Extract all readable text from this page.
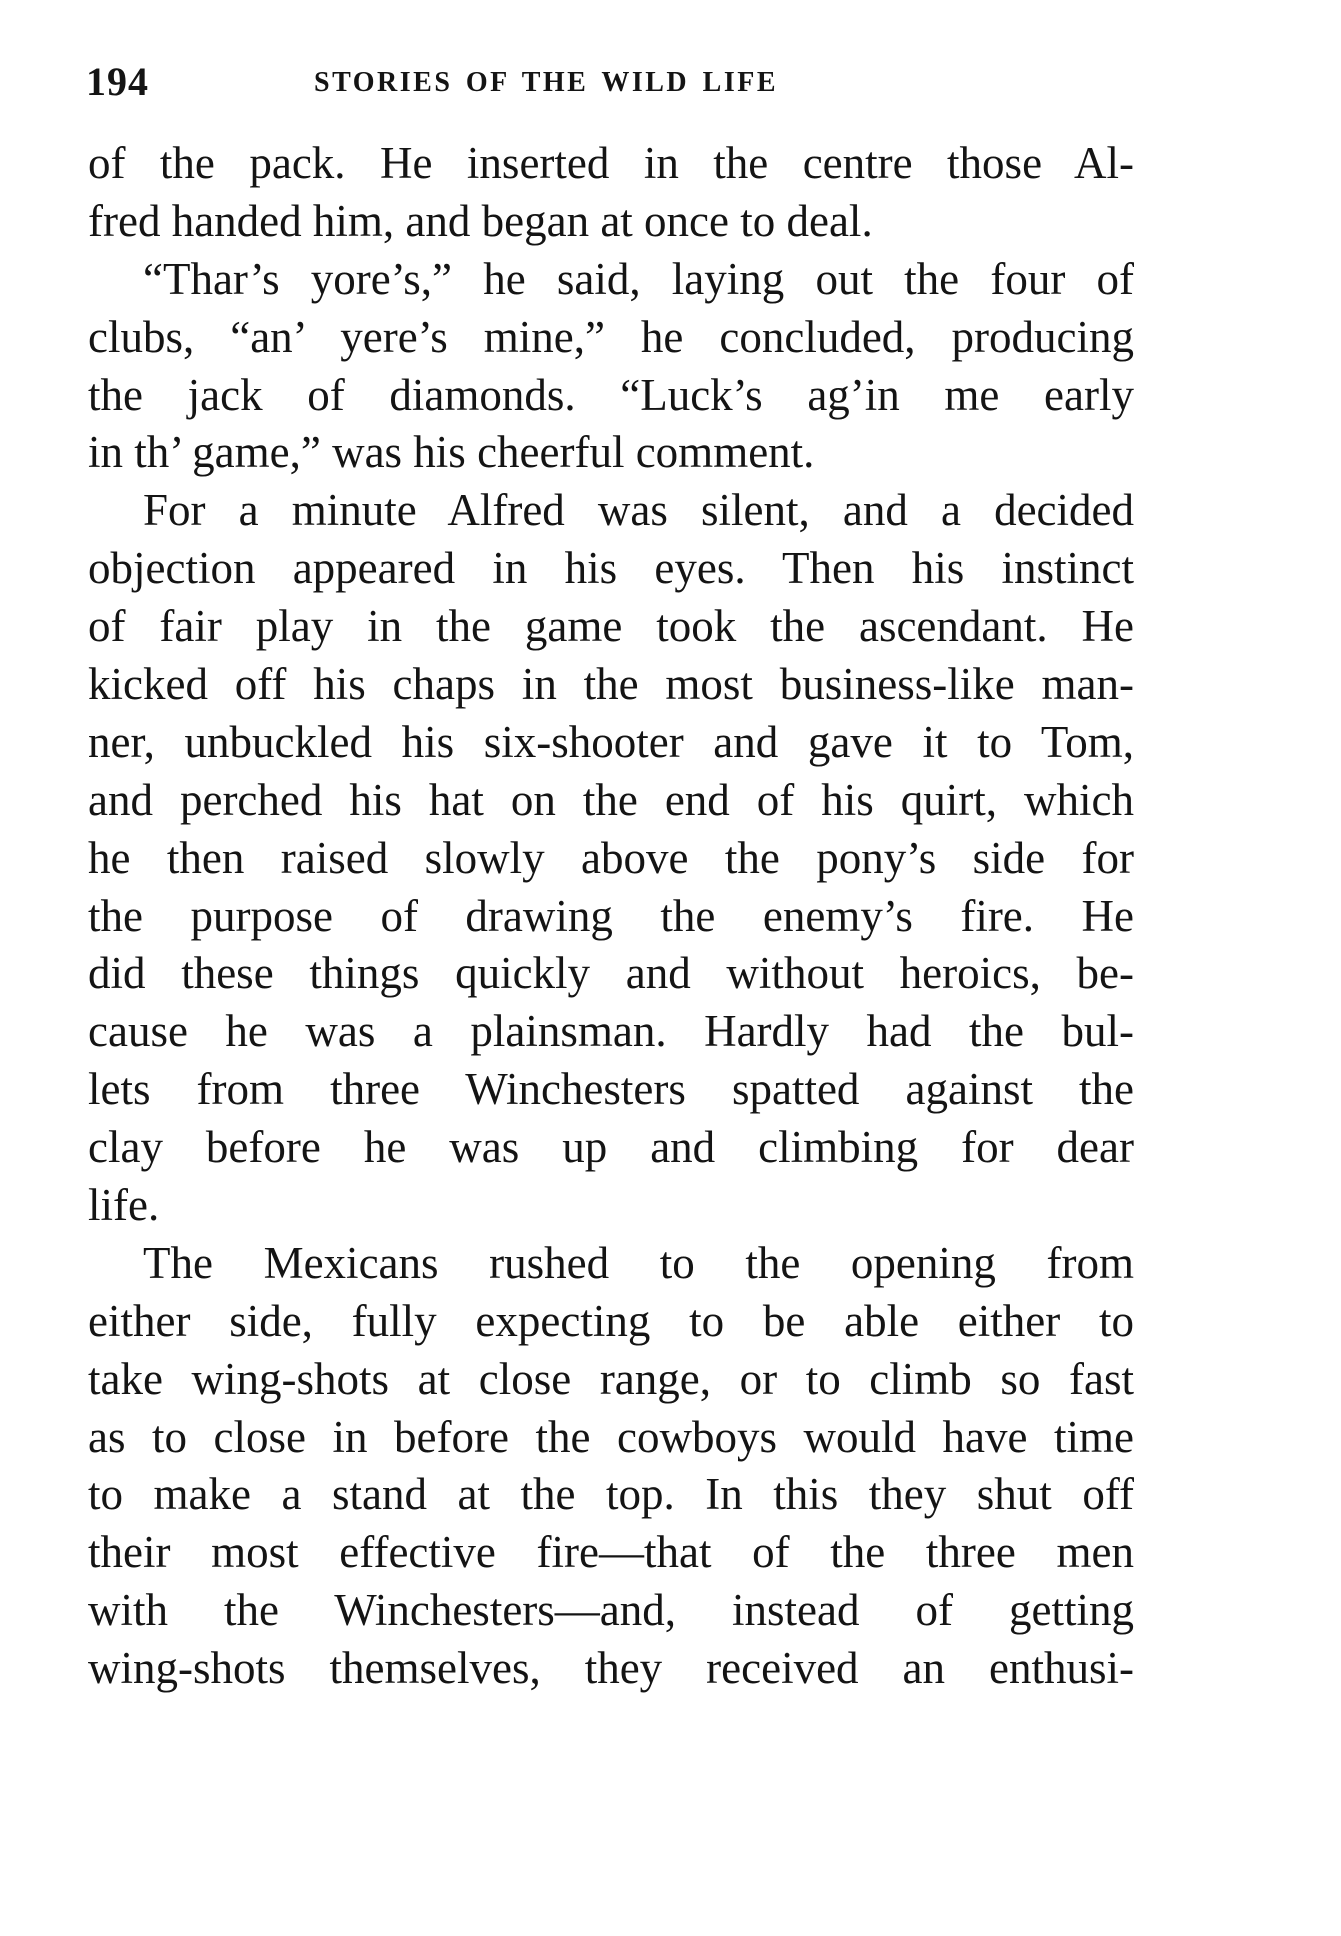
194	STORIES OF THE WILD LIFE
of the pack. He inserted in the centre those Al-
fred handed him, and began at once to deal.
“Thar’s yore’s,” he said, laying out the four of
clubs, “an’ yere’s mine,” he concluded, producing
the jack of diamonds. “Luck’s ag’in me early
in th’ game,” was his cheerful comment.
For a minute Alfred was silent, and a decided
objection appeared in his eyes. Then his instinct
of fair play in the game took the ascendant. He
kicked off his chaps in the most business-like man-
ner, unbuckled his six-shooter and gave it to Tom,
and perched his hat on the end of his quirt, which
he then raised slowly above the pony’s side for
the purpose of drawing the enemy’s fire. He
did these things quickly and without heroics, be-
cause he was a plainsman. Hardly had the bul-
lets from three Winchesters spatted against the
clay before he was up and climbing for dear
life.
The Mexicans rushed to the opening from
either side, fully expecting to be able either to
take wing-shots at close range, or to climb so fast
as to close in before the cowboys would have time
to make a stand at the top. In this they shut off
their most effective fire—that of the three men
with the Winchesters—and, instead of getting
wing-shots themselves, they received an enthusi-
